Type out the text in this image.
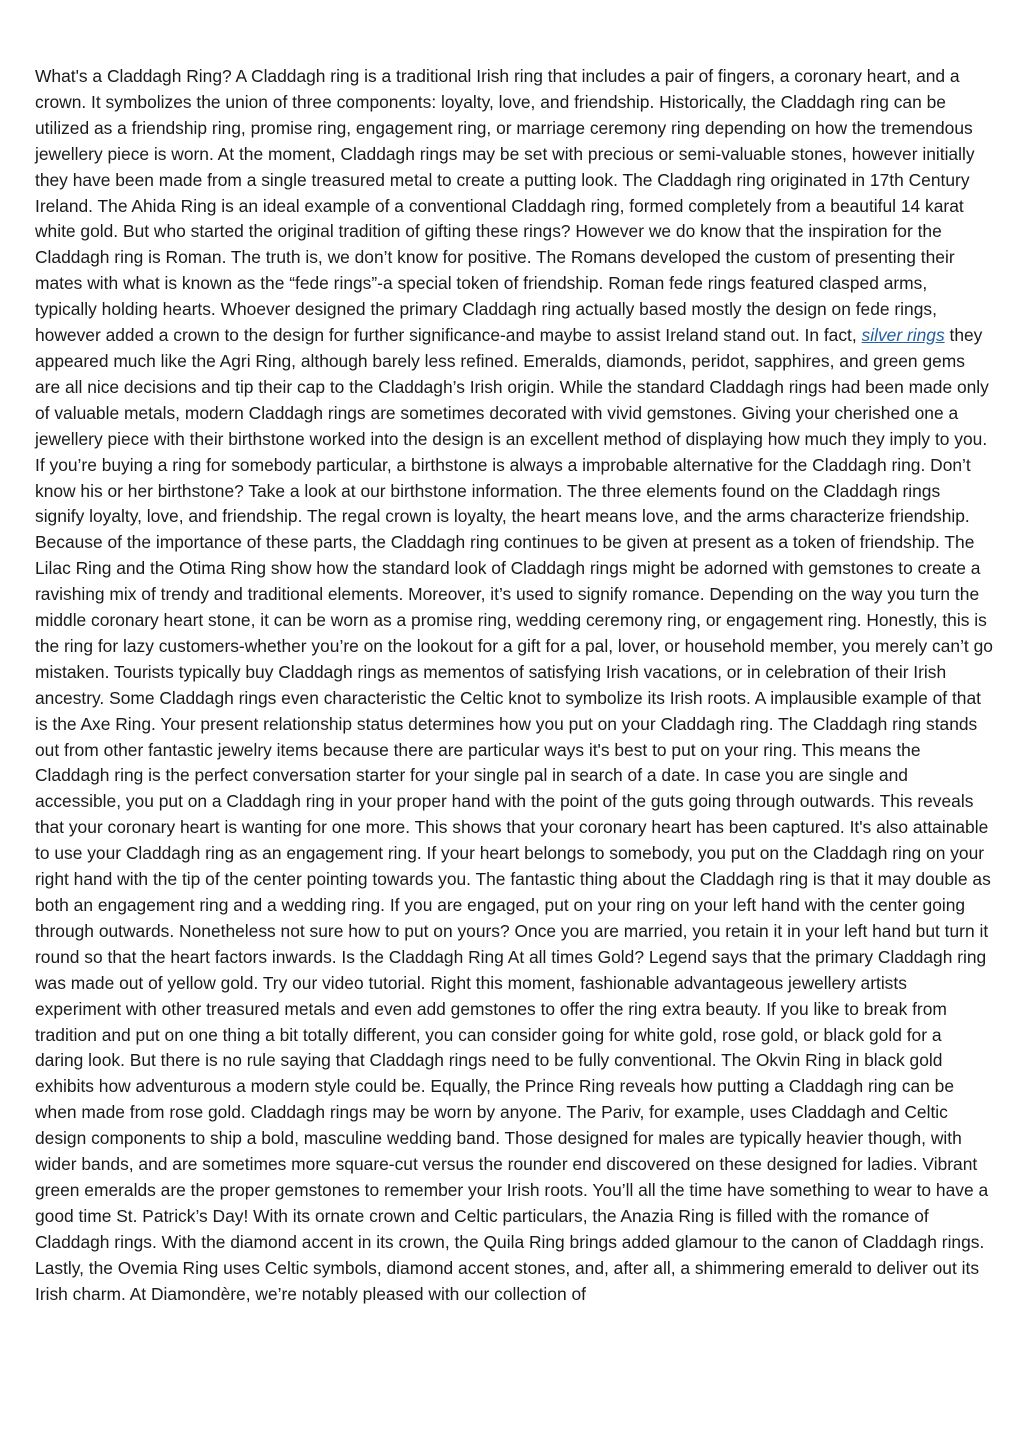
What's a Claddagh Ring? A Claddagh ring is a traditional Irish ring that includes a pair of fingers, a coronary heart, and a crown. It symbolizes the union of three components: loyalty, love, and friendship. Historically, the Claddagh ring can be utilized as a friendship ring, promise ring, engagement ring, or marriage ceremony ring depending on how the tremendous jewellery piece is worn. At the moment, Claddagh rings may be set with precious or semi-valuable stones, however initially they have been made from a single treasured metal to create a putting look. The Claddagh ring originated in 17th Century Ireland. The Ahida Ring is an ideal example of a conventional Claddagh ring, formed completely from a beautiful 14 karat white gold. But who started the original tradition of gifting these rings? However we do know that the inspiration for the Claddagh ring is Roman. The truth is, we don’t know for positive. The Romans developed the custom of presenting their mates with what is known as the “fede rings”-a special token of friendship. Roman fede rings featured clasped arms, typically holding hearts. Whoever designed the primary Claddagh ring actually based mostly the design on fede rings, however added a crown to the design for further significance-and maybe to assist Ireland stand out. In fact, silver rings they appeared much like the Agri Ring, although barely less refined. Emeralds, diamonds, peridot, sapphires, and green gems are all nice decisions and tip their cap to the Claddagh’s Irish origin. While the standard Claddagh rings had been made only of valuable metals, modern Claddagh rings are sometimes decorated with vivid gemstones. Giving your cherished one a jewellery piece with their birthstone worked into the design is an excellent method of displaying how much they imply to you. If you’re buying a ring for somebody particular, a birthstone is always a improbable alternative for the Claddagh ring. Don’t know his or her birthstone? Take a look at our birthstone information. The three elements found on the Claddagh rings signify loyalty, love, and friendship. The regal crown is loyalty, the heart means love, and the arms characterize friendship. Because of the importance of these parts, the Claddagh ring continues to be given at present as a token of friendship. The Lilac Ring and the Otima Ring show how the standard look of Claddagh rings might be adorned with gemstones to create a ravishing mix of trendy and traditional elements. Moreover, it’s used to signify romance. Depending on the way you turn the middle coronary heart stone, it can be worn as a promise ring, wedding ceremony ring, or engagement ring. Honestly, this is the ring for lazy customers-whether you’re on the lookout for a gift for a pal, lover, or household member, you merely can’t go mistaken. Tourists typically buy Claddagh rings as mementos of satisfying Irish vacations, or in celebration of their Irish ancestry. Some Claddagh rings even characteristic the Celtic knot to symbolize its Irish roots. A implausible example of that is the Axe Ring. Your present relationship status determines how you put on your Claddagh ring. The Claddagh ring stands out from other fantastic jewelry items because there are particular ways it's best to put on your ring. This means the Claddagh ring is the perfect conversation starter for your single pal in search of a date. In case you are single and accessible, you put on a Claddagh ring in your proper hand with the point of the guts going through outwards. This reveals that your coronary heart is wanting for one more. This shows that your coronary heart has been captured. It's also attainable to use your Claddagh ring as an engagement ring. If your heart belongs to somebody, you put on the Claddagh ring on your right hand with the tip of the center pointing towards you. The fantastic thing about the Claddagh ring is that it may double as both an engagement ring and a wedding ring. If you are engaged, put on your ring on your left hand with the center going through outwards. Nonetheless not sure how to put on yours? Once you are married, you retain it in your left hand but turn it round so that the heart factors inwards. Is the Claddagh Ring At all times Gold? Legend says that the primary Claddagh ring was made out of yellow gold. Try our video tutorial. Right this moment, fashionable advantageous jewellery artists experiment with other treasured metals and even add gemstones to offer the ring extra beauty. If you like to break from tradition and put on one thing a bit totally different, you can consider going for white gold, rose gold, or black gold for a daring look. But there is no rule saying that Claddagh rings need to be fully conventional. The Okvin Ring in black gold exhibits how adventurous a modern style could be. Equally, the Prince Ring reveals how putting a Claddagh ring can be when made from rose gold. Claddagh rings may be worn by anyone. The Pariv, for example, uses Claddagh and Celtic design components to ship a bold, masculine wedding band. Those designed for males are typically heavier though, with wider bands, and are sometimes more square-cut versus the rounder end discovered on these designed for ladies. Vibrant green emeralds are the proper gemstones to remember your Irish roots. You’ll all the time have something to wear to have a good time St. Patrick’s Day! With its ornate crown and Celtic particulars, the Anazia Ring is filled with the romance of Claddagh rings. With the diamond accent in its crown, the Quila Ring brings added glamour to the canon of Claddagh rings. Lastly, the Ovemia Ring uses Celtic symbols, diamond accent stones, and, after all, a shimmering emerald to deliver out its Irish charm. At Diamondère, we’re notably pleased with our collection of
